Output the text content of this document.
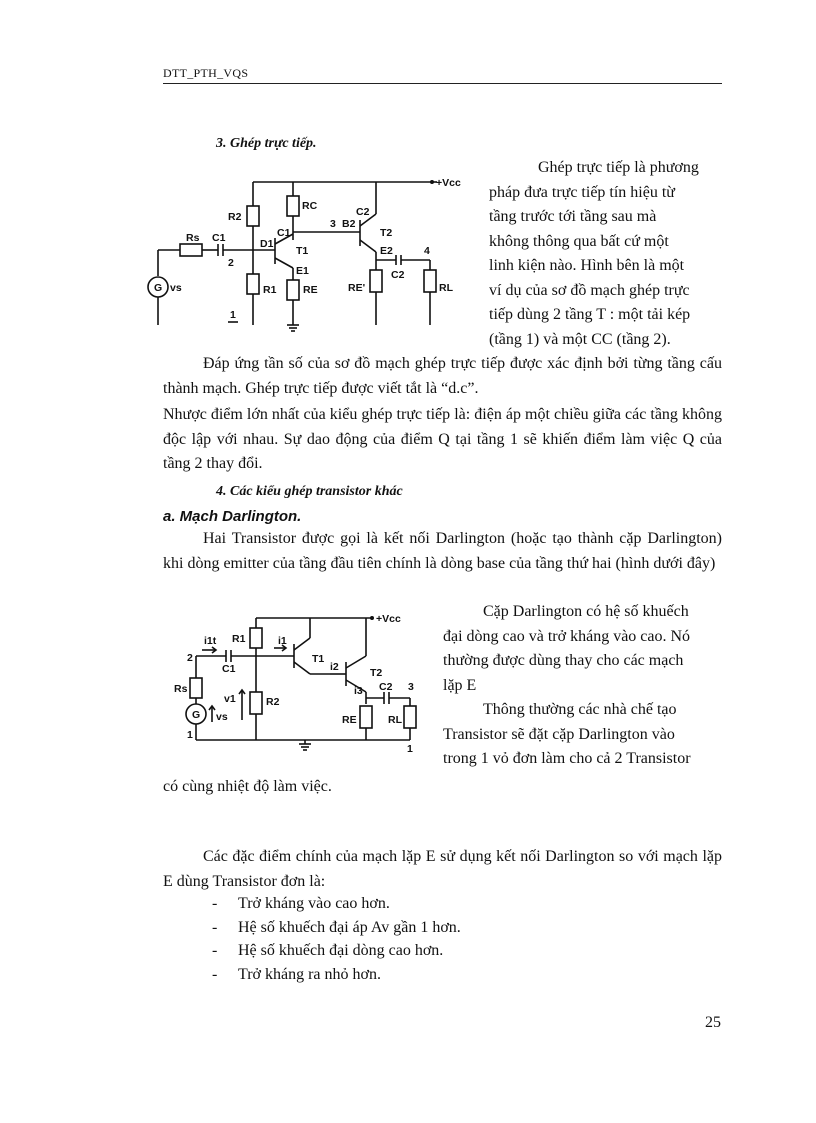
DTT_PTH_VQS
3. Ghép trực tiếp.
+Vcc
R2
RC
C1
3 B2
C2
T2
E2
C2
4
RE'	RL
Rs C1
2
D1
T1
E1
R1	RE
G vs
1
Ghép trực tiếp là phương
pháp đưa trực tiếp tín hiệu từ
tầng trước tới tầng sau mà
không thông qua bất cứ một
linh kiện nào. Hình bên là một
ví dụ của sơ đồ mạch ghép trực
tiếp dùng 2 tầng T : một tải kép
(tầng 1) và một CC (tầng 2).
Đáp ứng tần số của sơ đồ mạch ghép trực tiếp được xác định bởi từng tầng cấu thành mạch. Ghép trực tiếp được viết tắt là “d.c”.
Nhược điểm lớn nhất của kiểu ghép trực tiếp là: điện áp một chiều giữa các tầng không độc lập với nhau. Sự dao động của điểm Q tại tầng 1 sẽ khiến điểm làm việc Q của tầng 2 thay đổi.
4. Các kiểu ghép transistor khác
a. Mạch Darlington.
Hai Transistor được gọi là kết nối Darlington (hoặc tạo thành cặp Darlington) khi dòng emitter của tầng đầu tiên chính là dòng base của tầng thứ hai (hình dưới đây)
+Vcc
R1
2
i1t
C1
i1
T1
i2	T2
i3 C2 3
RE	RL
R2
v1
Rs
G vs
1
1
Cặp Darlington có hệ số khuếch
đại dòng cao và trở kháng vào cao. Nó
thường được dùng thay cho các mạch
lặp E
Thông thường các nhà chế tạo
Transistor sẽ đặt cặp Darlington vào
trong 1 vỏ đơn làm cho cả 2 Transistor
có cùng nhiệt độ làm việc.
Các đặc điểm chính của mạch lặp E sử dụng kết nối Darlington so với mạch lặp E dùng Transistor đơn là:
- Trở kháng vào cao hơn.
- Hệ số khuếch đại áp Av gần 1 hơn.
- Hệ số khuếch đại dòng cao hơn.
- Trở kháng ra nhỏ hơn.
25
